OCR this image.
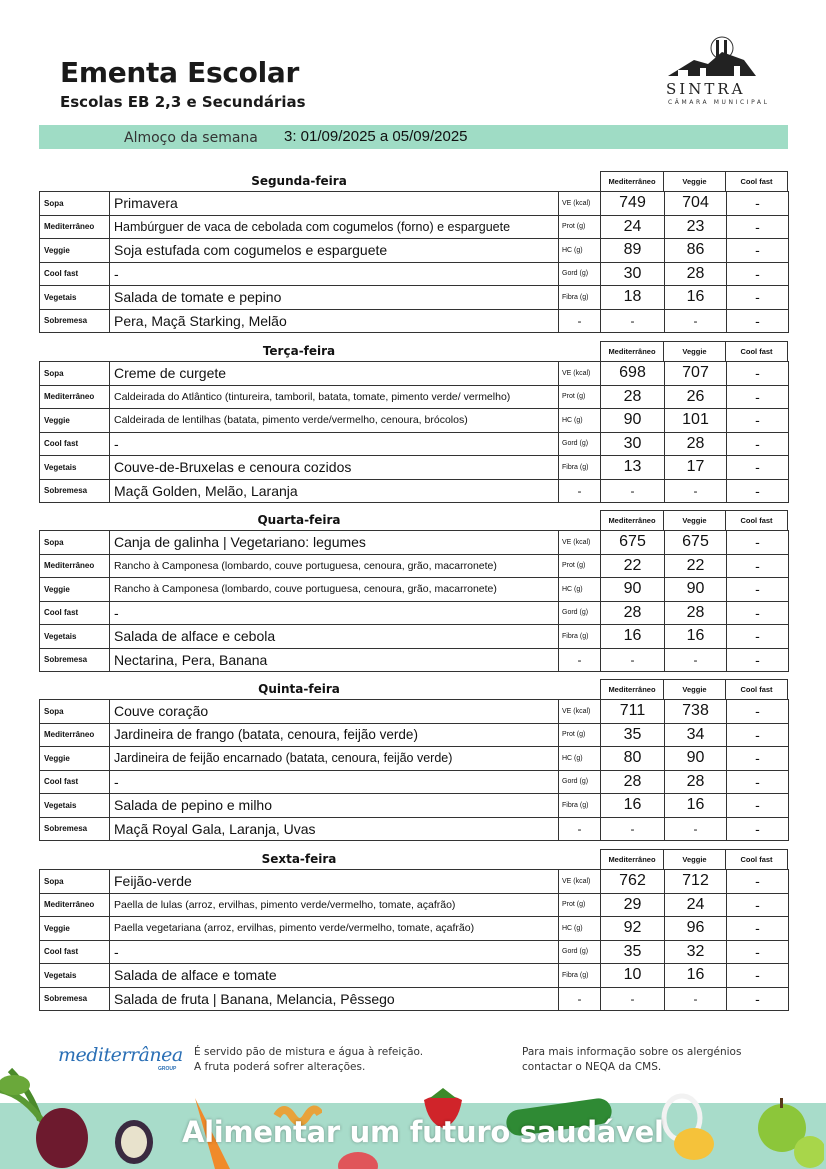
Ementa Escolar
Escolas EB 2,3 e Secundárias
SINTRA
CÂMARA MUNICIPAL
Almoço da semana 3: 01/09/2025 a 05/09/2025
Segunda-feira	Mediterrâneo	Veggie	Cool fast
Sopa	Primavera	VE (kcal)	749	704	-
Mediterrâneo	Hambúrguer de vaca de cebolada com cogumelos (forno) e esparguete	Prot (g)	24	23	-
Veggie	Soja estufada com cogumelos e esparguete	HC (g)	89	86	-
Cool fast	-	Gord (g)	30	28	-
Vegetais	Salada de tomate e pepino	Fibra (g)	18	16	-
Sobremesa	Pera, Maçã Starking, Melão	-	-	-	-
Terça-feira	Mediterrâneo	Veggie	Cool fast
Sopa	Creme de curgete	VE (kcal)	698	707	-
Mediterrâneo	Caldeirada do Atlântico (tintureira, tamboril, batata, tomate, pimento verde/ vermelho)	Prot (g)	28	26	-
Veggie	Caldeirada de lentilhas (batata, pimento verde/vermelho, cenoura, brócolos)	HC (g)	90	101	-
Cool fast	-	Gord (g)	30	28	-
Vegetais	Couve-de-Bruxelas e cenoura cozidos	Fibra (g)	13	17	-
Sobremesa	Maçã Golden, Melão, Laranja	-	-	-	-
Quarta-feira	Mediterrâneo	Veggie	Cool fast
Sopa	Canja de galinha | Vegetariano: legumes	VE (kcal)	675	675	-
Mediterrâneo	Rancho à Camponesa (lombardo, couve portuguesa, cenoura, grão, macarronete)	Prot (g)	22	22	-
Veggie	Rancho à Camponesa (lombardo, couve portuguesa, cenoura, grão, macarronete)	HC (g)	90	90	-
Cool fast	-	Gord (g)	28	28	-
Vegetais	Salada de alface e cebola	Fibra (g)	16	16	-
Sobremesa	Nectarina, Pera, Banana	-	-	-	-
Quinta-feira	Mediterrâneo	Veggie	Cool fast
Sopa	Couve coração	VE (kcal)	711	738	-
Mediterrâneo	Jardineira de frango (batata, cenoura, feijão verde)	Prot (g)	35	34	-
Veggie	Jardineira de feijão encarnado (batata, cenoura, feijão verde)	HC (g)	80	90	-
Cool fast	-	Gord (g)	28	28	-
Vegetais	Salada de pepino e milho	Fibra (g)	16	16	-
Sobremesa	Maçã Royal Gala, Laranja, Uvas	-	-	-	-
Sexta-feira	Mediterrâneo	Veggie	Cool fast
Sopa	Feijão-verde	VE (kcal)	762	712	-
Mediterrâneo	Paella de lulas (arroz, ervilhas, pimento verde/vermelho, tomate, açafrão)	Prot (g)	29	24	-
Veggie	Paella vegetariana (arroz, ervilhas, pimento verde/vermelho, tomate, açafrão)	HC (g)	92	96	-
Cool fast	-	Gord (g)	35	32	-
Vegetais	Salada de alface e tomate	Fibra (g)	10	16	-
Sobremesa	Salada de fruta | Banana, Melancia, Pêssego	-	-	-	-
mediterrânea
GROUP
É servido pão de mistura e água à refeição.
A fruta poderá sofrer alterações.
Para mais informação sobre os alergénios
contactar o NEQA da CMS.
Alimentar um futuro saudável
